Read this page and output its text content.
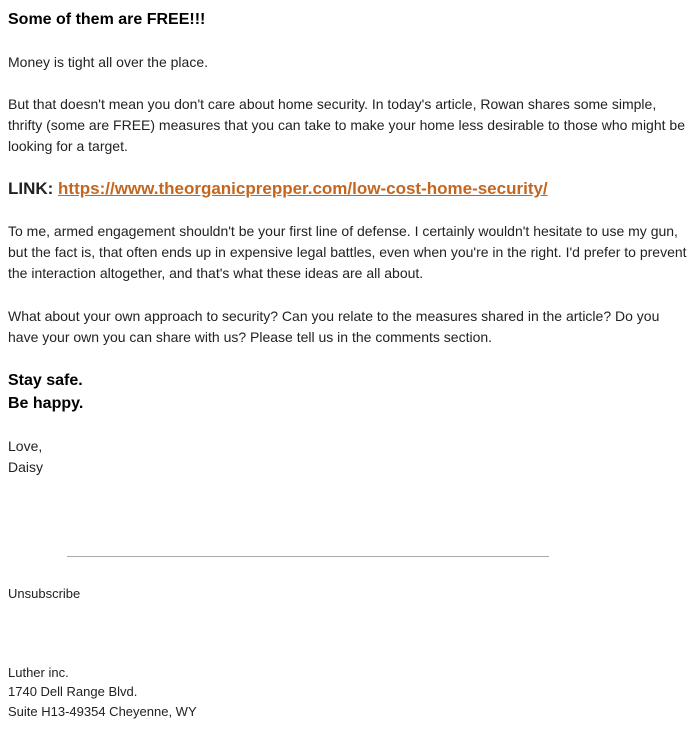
Some of them are FREE!!!
Money is tight all over the place.
But that doesn't mean you don't care about home security. In today's article, Rowan shares some simple, thrifty (some are FREE) measures that you can take to make your home less desirable to those who might be looking for a target.
LINK: https://www.theorganicprepper.com/low-cost-home-security/
To me, armed engagement shouldn't be your first line of defense. I certainly wouldn't hesitate to use my gun, but the fact is, that often ends up in expensive legal battles, even when you're in the right. I'd prefer to prevent the interaction altogether, and that's what these ideas are all about.
What about your own approach to security? Can you relate to the measures shared in the article? Do you have your own you can share with us? Please tell us in the comments section.
Stay safe.
Be happy.
Love,
Daisy
Unsubscribe
Luther inc.
1740 Dell Range Blvd.
Suite H13-49354 Cheyenne, WY
